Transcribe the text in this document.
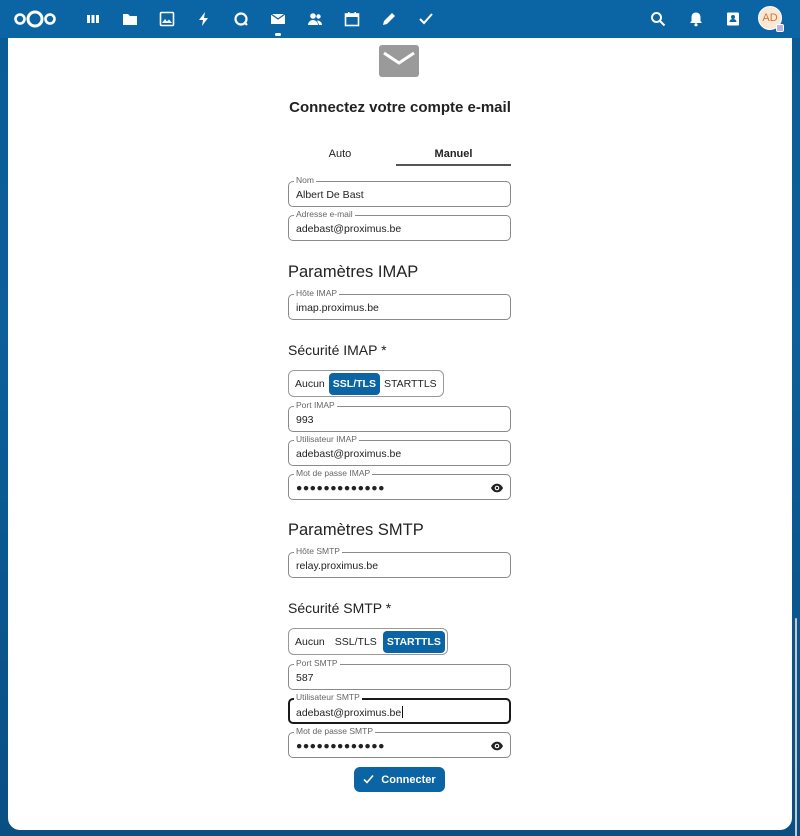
AD
Connectez votre compte e-mail
Auto	Manuel
Nom
Albert De Bast
Adresse e-mail
adebast@proximus.be
Paramètres IMAP
Hôte IMAP
imap.proximus.be
Sécurité IMAP *
Aucun SSL/TLS STARTTLS
Port IMAP
993
Utilisateur IMAP
adebast@proximus.be
Mot de passe IMAP
●●●●●●●●●●●●●
Paramètres SMTP
Hôte SMTP
relay.proximus.be
Sécurité SMTP *
Aucun SSL/TLS STARTTLS
Port SMTP
587
Utilisateur SMTP
adebast@proximus.be
Mot de passe SMTP
●●●●●●●●●●●●●
Connecter
